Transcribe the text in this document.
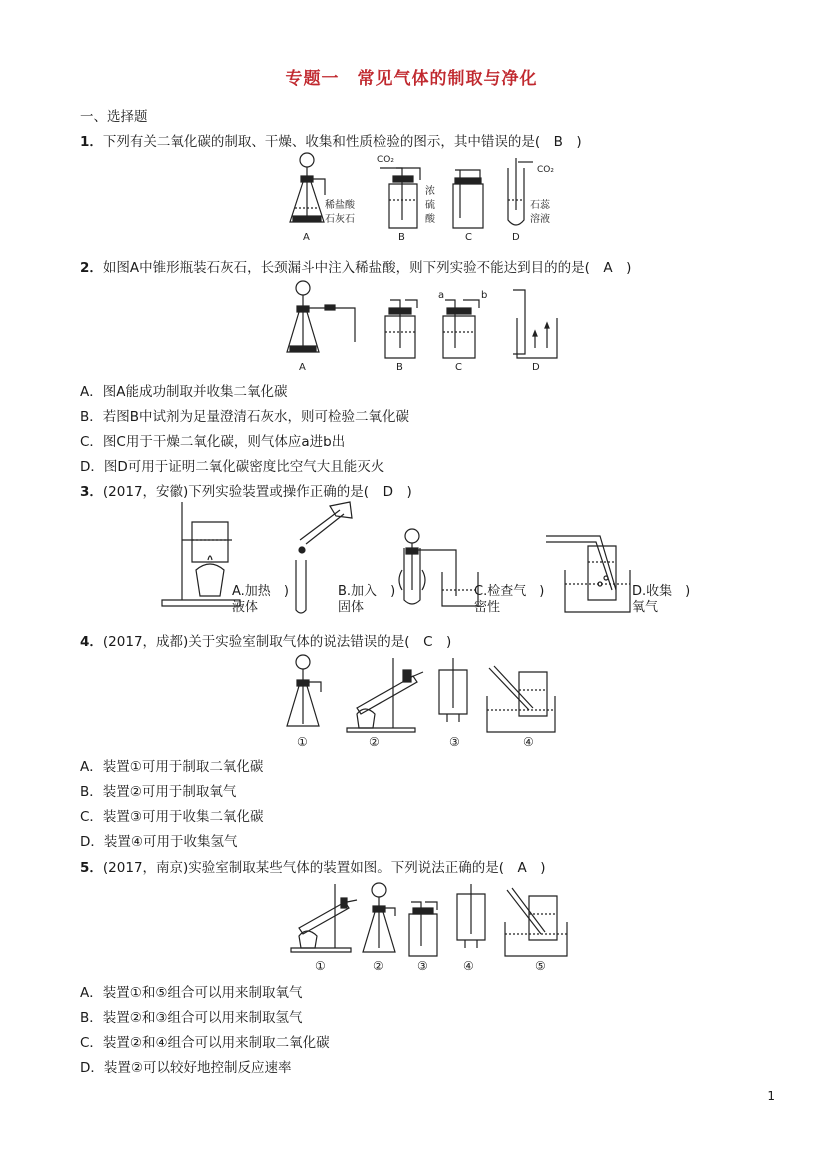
专题一　常见气体的制取与净化
一、选择题
1．下列有关二氧化碳的制取、干燥、收集和性质检验的图示，其中错误的是(　B　)
稀盐酸
石灰石
A
CO₂
浓
硫
酸
B	C
CO₂
石蕊
溶液
D
2．如图A中锥形瓶装石灰石，长颈漏斗中注入稀盐酸，则下列实验不能达到目的的是(　A　)
A	B
a	b
C	D
A．图A能成功制取并收集二氧化碳
B．若图B中试剂为足量澄清石灰水，则可检验二氧化碳
C．图C用于干燥二氧化碳，则气体应a进b出
D．图D可用于证明二氧化碳密度比空气大且能灭火
3．(2017，安徽)下列实验装置或操作正确的是(　D　)
A.加热　)
液体
B.加入　)
固体
C.检查气　)
密性
D.收集　)
氧气
4．(2017，成都)关于实验室制取气体的说法错误的是(　C　)
①	②	③	④
A．装置①可用于制取二氧化碳
B．装置②可用于制取氧气
C．装置③可用于收集二氧化碳
D．装置④可用于收集氢气
5．(2017，南京)实验室制取某些气体的装置如图。下列说法正确的是(　A　)
①	②	③	④	⑤
A．装置①和⑤组合可以用来制取氧气
B．装置②和③组合可以用来制取氢气
C．装置②和④组合可以用来制取二氧化碳
D．装置②可以较好地控制反应速率
1
